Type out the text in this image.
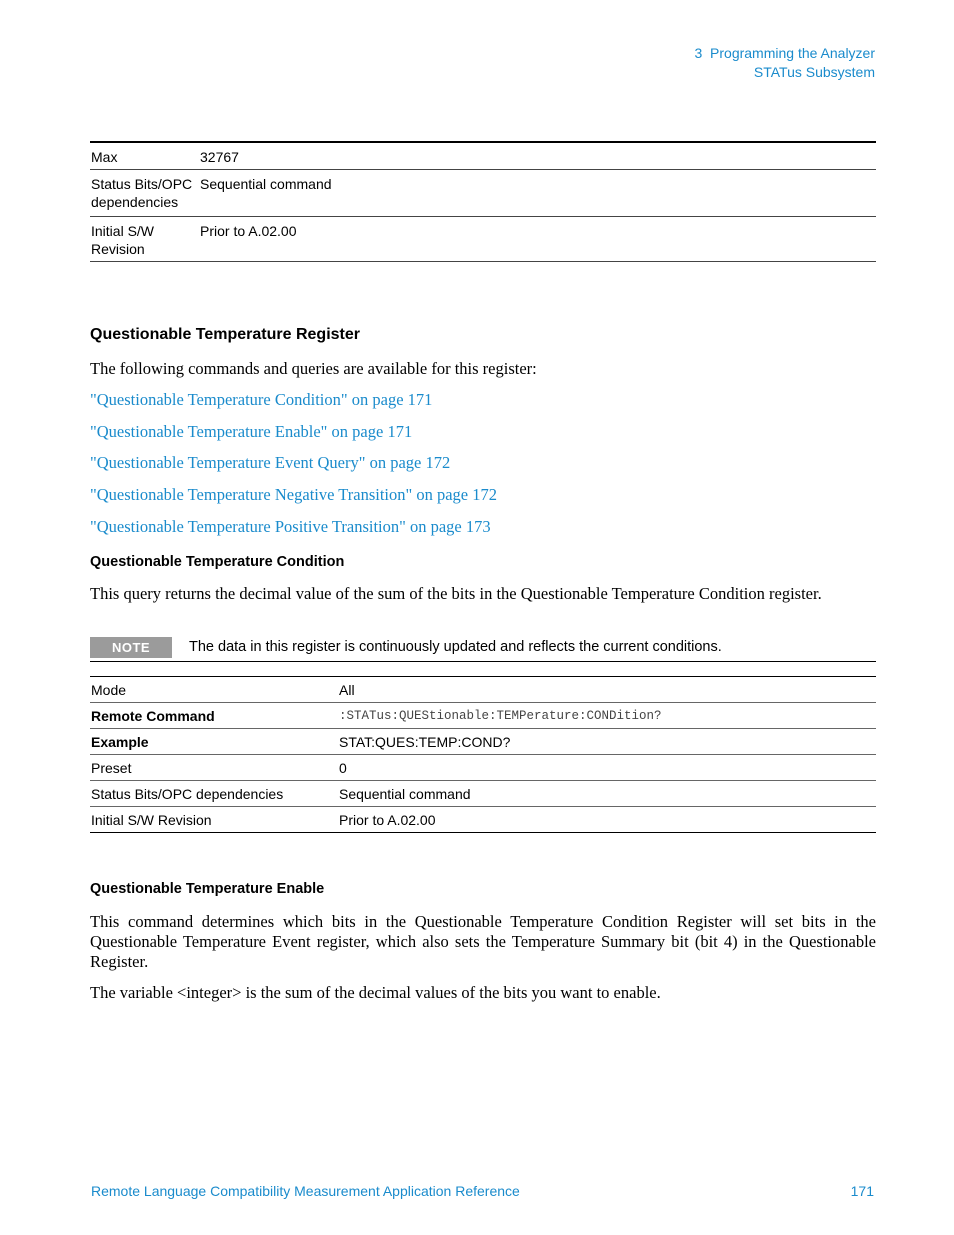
3  Programming the Analyzer
STATus Subsystem
Max	32767
Status Bits/OPC dependencies	Sequential command
Initial S/W Revision	Prior to A.02.00
Questionable Temperature Register
The following commands and queries are available for this register:
"Questionable Temperature Condition" on page 171
"Questionable Temperature Enable" on page 171
"Questionable Temperature Event Query" on page 172
"Questionable Temperature Negative Transition" on page 172
"Questionable Temperature Positive Transition" on page 173
Questionable Temperature Condition
This query returns the decimal value of the sum of the bits in the Questionable Temperature Condition register.
NOTE	The data in this register is continuously updated and reflects the current conditions.
Mode	All
Remote Command	:STATus:QUEStionable:TEMPerature:CONDition?
Example	STAT:QUES:TEMP:COND?
Preset	0
Status Bits/OPC dependencies	Sequential command
Initial S/W Revision	Prior to A.02.00
Questionable Temperature Enable
This command determines which bits in the Questionable Temperature Condition Register will set bits in the Questionable Temperature Event register, which also sets the Temperature Summary bit (bit 4) in the Questionable Register.
The variable <integer> is the sum of the decimal values of the bits you want to enable.
Remote Language Compatibility Measurement Application Reference	171
